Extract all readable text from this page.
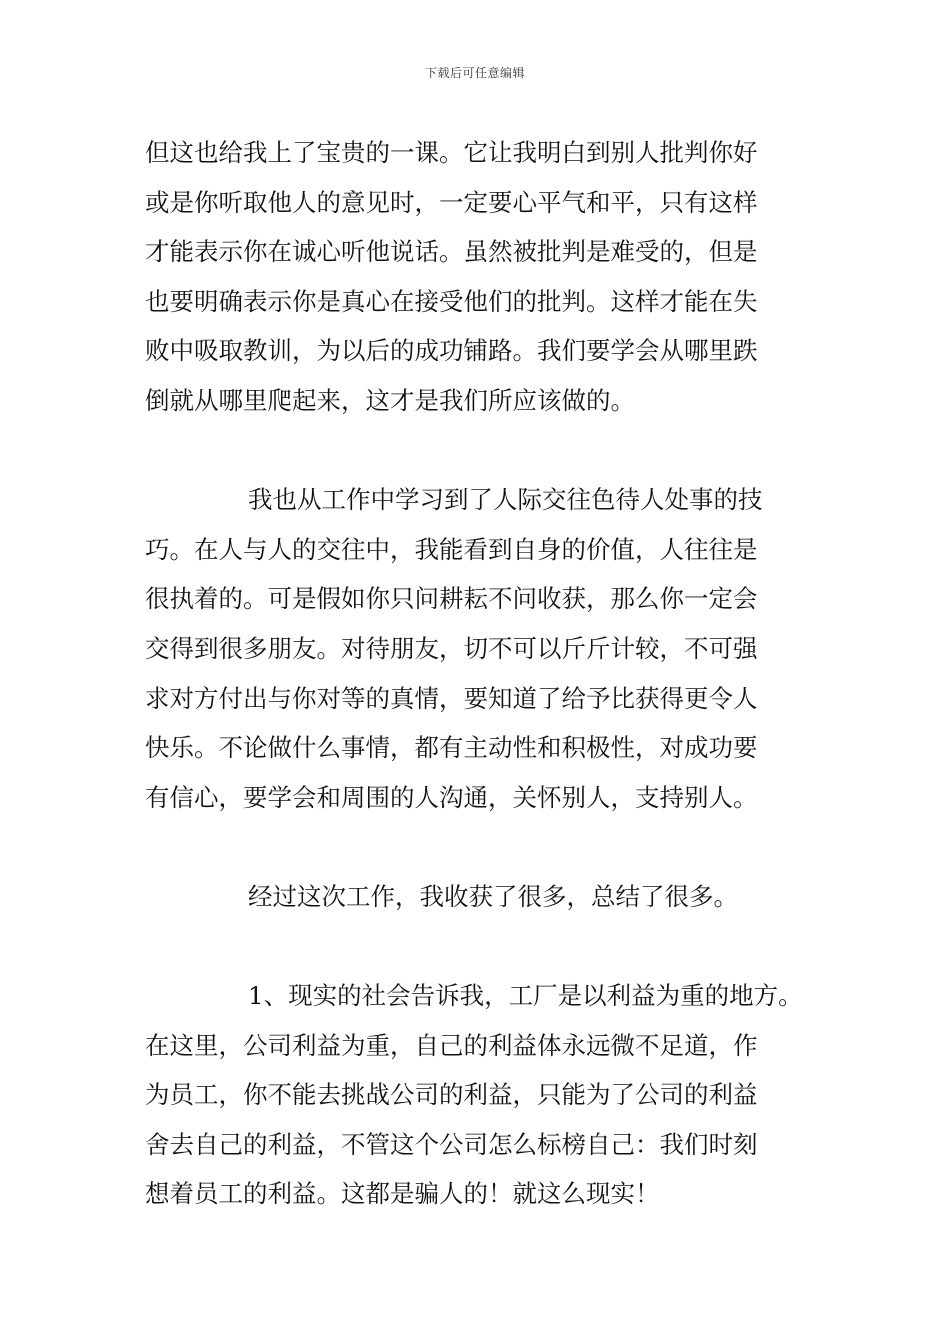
下载后可任意编辑
但这也给我上了宝贵的一课。它让我明白到别人批判你好
或是你听取他人的意见时，一定要心平气和平，只有这样
才能表示你在诚心听他说话。虽然被批判是难受的，但是
也要明确表示你是真心在接受他们的批判。这样才能在失
败中吸取教训，为以后的成功铺路。我们要学会从哪里跌
倒就从哪里爬起来，这才是我们所应该做的。
我也从工作中学习到了人际交往色待人处事的技
巧。在人与人的交往中，我能看到自身的价值，人往往是
很执着的。可是假如你只问耕耘不问收获，那么你一定会
交得到很多朋友。对待朋友，切不可以斤斤计较，不可强
求对方付出与你对等的真情，要知道了给予比获得更令人
快乐。不论做什么事情，都有主动性和积极性，对成功要
有信心，要学会和周围的人沟通，关怀别人，支持别人。
经过这次工作，我收获了很多，总结了很多。
1、现实的社会告诉我，工厂是以利益为重的地方。
在这里，公司利益为重，自己的利益体永远微不足道，作
为员工，你不能去挑战公司的利益，只能为了公司的利益
舍去自己的利益，不管这个公司怎么标榜自己：我们时刻
想着员工的利益。这都是骗人的！就这么现实！
